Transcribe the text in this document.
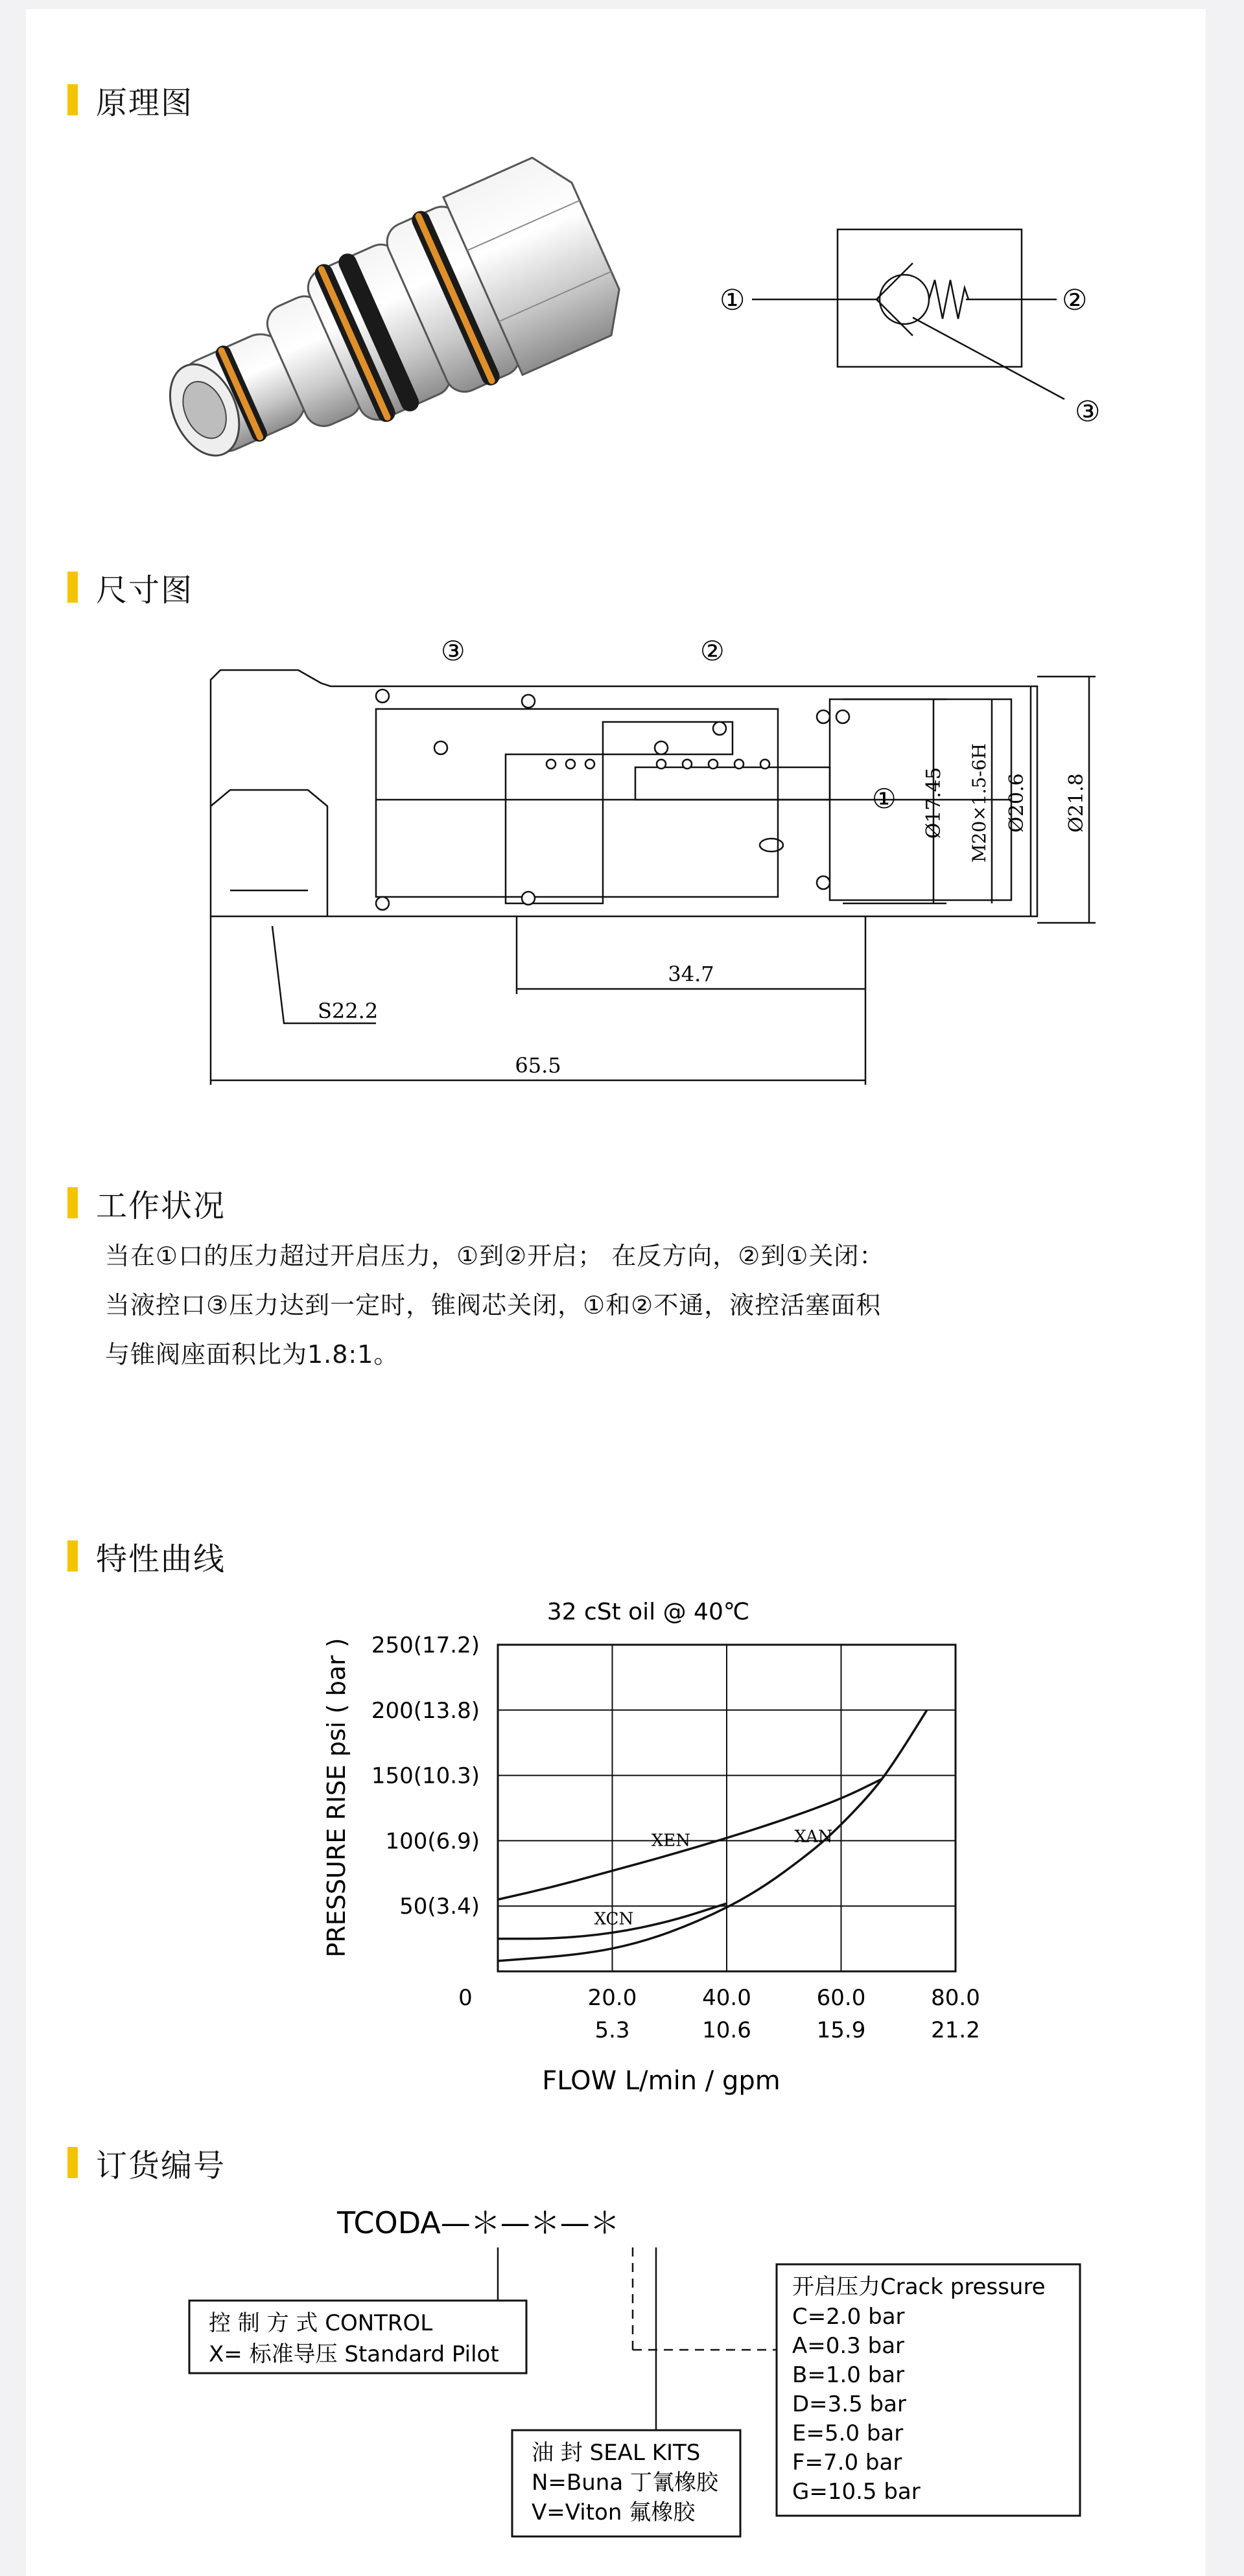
原理图
①	②
③
尺寸图
③	②
① Ø17.45 M20×1.5-6H Ø20.6 Ø21.8
34.7
65.5
S22.2
工作状况
当在①口的压力超过开启压力，①到②开启； 在反方向，②到①关闭：
当液控口③压力达到一定时，锥阀芯关闭，①和②不通，液控活塞面积
与锥阀座面积比为1.8:1。
特性曲线
32 cSt oil @ 40℃
PRESSURE RISE psi ( bar )
FLOW L/min / gpm
0	20.0
5.3
40.0
10.6
60.0
15.9
80.0
21.2
50(3.4)
100(6.9)
150(10.3)
200(13.8)
250(17.2)
XEN	XAN
XCN
订货编号
TCODA—＊—＊—＊
控 制 方 式 CONTROL
X= 标准导压 Standard Pilot
油 封 SEAL KITS
N=Buna 丁氰橡胶
V=Viton 氟橡胶
开启压力Crack pressure
C=2.0 bar
A=0.3 bar
B=1.0 bar
D=3.5 bar
E=5.0 bar
F=7.0 bar
G=10.5 bar
